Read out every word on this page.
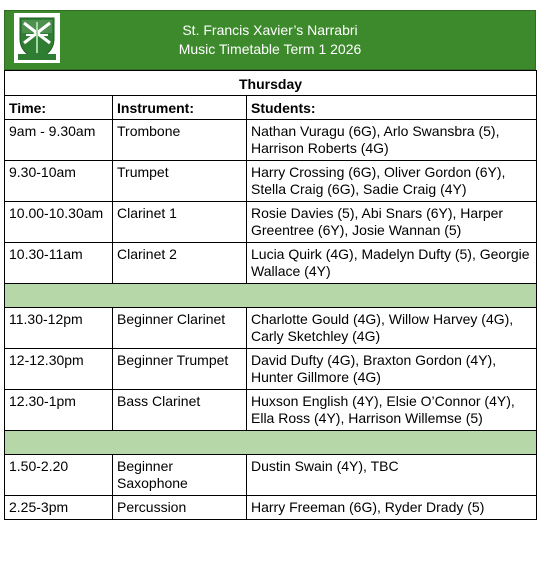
St. Francis Xavier’s Narrabri
Music Timetable Term 1 2026
Thursday		
Time:	Instrument:	Students:
9am - 9.30am	Trombone	Nathan Vuragu (6G), Arlo Swansbra (5), Harrison Roberts (4G)
9.30-10am	Trumpet	Harry Crossing (6G), Oliver Gordon (6Y), Stella Craig (6G), Sadie Craig (4Y)
10.00-10.30am	Clarinet 1	Rosie Davies (5), Abi Snars (6Y), Harper Greentree (6Y), Josie Wannan (5)
10.30-11am	Clarinet 2	Lucia Quirk (4G), Madelyn Dufty (5), Georgie Wallace (4Y)

11.30-12pm	Beginner Clarinet	Charlotte Gould (4G), Willow Harvey (4G), Carly Sketchley (4G)
12-12.30pm	Beginner Trumpet	David Dufty (4G), Braxton Gordon (4Y), Hunter Gillmore (4G)
12.30-1pm	Bass Clarinet	Huxson English (4Y), Elsie O’Connor (4Y), Ella Ross (4Y), Harrison Willemse (5)

1.50-2.20	Beginner Saxophone	Dustin Swain (4Y), TBC
2.25-3pm	Percussion	Harry Freeman (6G), Ryder Drady (5)
